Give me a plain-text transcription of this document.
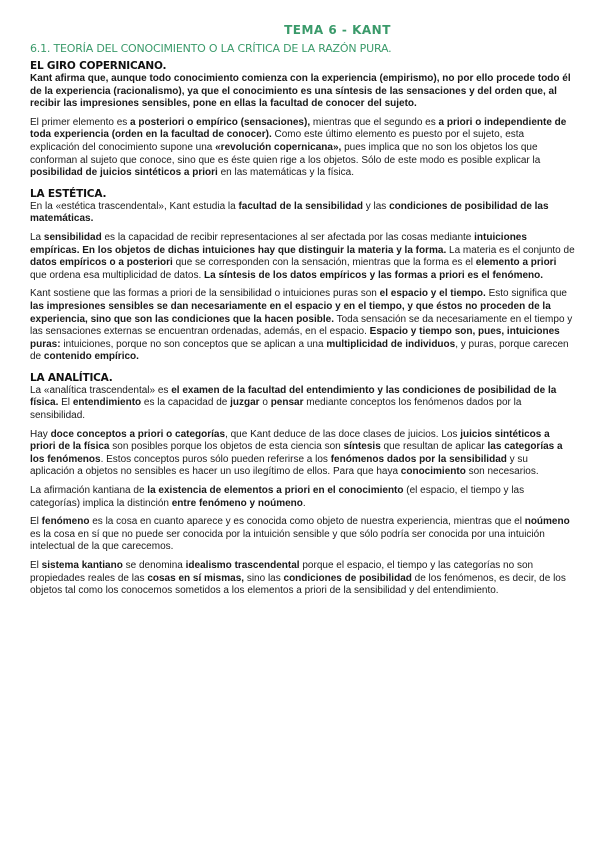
TEMA 6 - KANT
6.1. TEORÍA DEL CONOCIMIENTO O LA CRÍTICA DE LA RAZÓN PURA.
EL GIRO COPERNICANO.

Kant afirma que, aunque todo conocimiento comienza con la experiencia (empirismo), no por ello procede todo él de la experiencia (racionalismo), ya que el conocimiento es una síntesis de las sensaciones y del orden que, al recibir las impresiones sensibles, pone en ellas la facultad de conocer del sujeto.

El primer elemento es a posteriori o empírico (sensaciones), mientras que el segundo es a priori o independiente de toda experiencia (orden en la facultad de conocer). Como este último elemento es puesto por el sujeto, esta explicación del conocimiento supone una «revolución copernicana», pues implica que no son los objetos los que conforman al sujeto que conoce, sino que es éste quien rige a los objetos. Sólo de este modo es posible explicar la posibilidad de juicios sintéticos a priori en las matemáticas y la física.

LA ESTÉTICA.

En la «estética trascendental», Kant estudia la facultad de la sensibilidad y las condiciones de posibilidad de las matemáticas.

La sensibilidad es la capacidad de recibir representaciones al ser afectada por las cosas mediante intuiciones empíricas. En los objetos de dichas intuiciones hay que distinguir la materia y la forma. La materia es el conjunto de datos empíricos o a posteriori que se corresponden con la sensación, mientras que la forma es el elemento a priori que ordena esa multiplicidad de datos. La síntesis de los datos empíricos y las formas a priori es el fenómeno.

Kant sostiene que las formas a priori de la sensibilidad o intuiciones puras son el espacio y el tiempo. Esto significa que las impresiones sensibles se dan necesariamente en el espacio y en el tiempo, y que éstos no proceden de la experiencia, sino que son las condiciones que la hacen posible. Toda sensación se da necesariamente en el tiempo y las sensaciones externas se encuentran ordenadas, además, en el espacio. Espacio y tiempo son, pues, intuiciones puras: intuiciones, porque no son conceptos que se aplican a una multiplicidad de individuos, y puras, porque carecen de contenido empírico.

LA ANALÍTICA.

La «analítica trascendental» es el examen de la facultad del entendimiento y las condiciones de posibilidad de la física. El entendimiento es la capacidad de juzgar o pensar mediante conceptos los fenómenos dados por la sensibilidad.

Hay doce conceptos a priori o categorías, que Kant deduce de las doce clases de juicios. Los juicios sintéticos a priori de la física son posibles porque los objetos de esta ciencia son síntesis que resultan de aplicar las categorías a los fenómenos. Estos conceptos puros sólo pueden referirse a los fenómenos dados por la sensibilidad y su aplicación a objetos no sensibles es hacer un uso ilegítimo de ellos. Para que haya conocimiento son necesarios.

La afirmación kantiana de la existencia de elementos a priori en el conocimiento (el espacio, el tiempo y las categorías) implica la distinción entre fenómeno y noúmeno.

El fenómeno es la cosa en cuanto aparece y es conocida como objeto de nuestra experiencia, mientras que el noúmeno es la cosa en sí que no puede ser conocida por la intuición sensible y que sólo podría ser conocida por una intuición intelectual de la que carecemos.

El sistema kantiano se denomina idealismo trascendental porque el espacio, el tiempo y las categorías no son propiedades reales de las cosas en sí mismas, sino las condiciones de posibilidad de los fenómenos, es decir, de los objetos tal como los conocemos sometidos a los elementos a priori de la sensibilidad y del entendimiento.
